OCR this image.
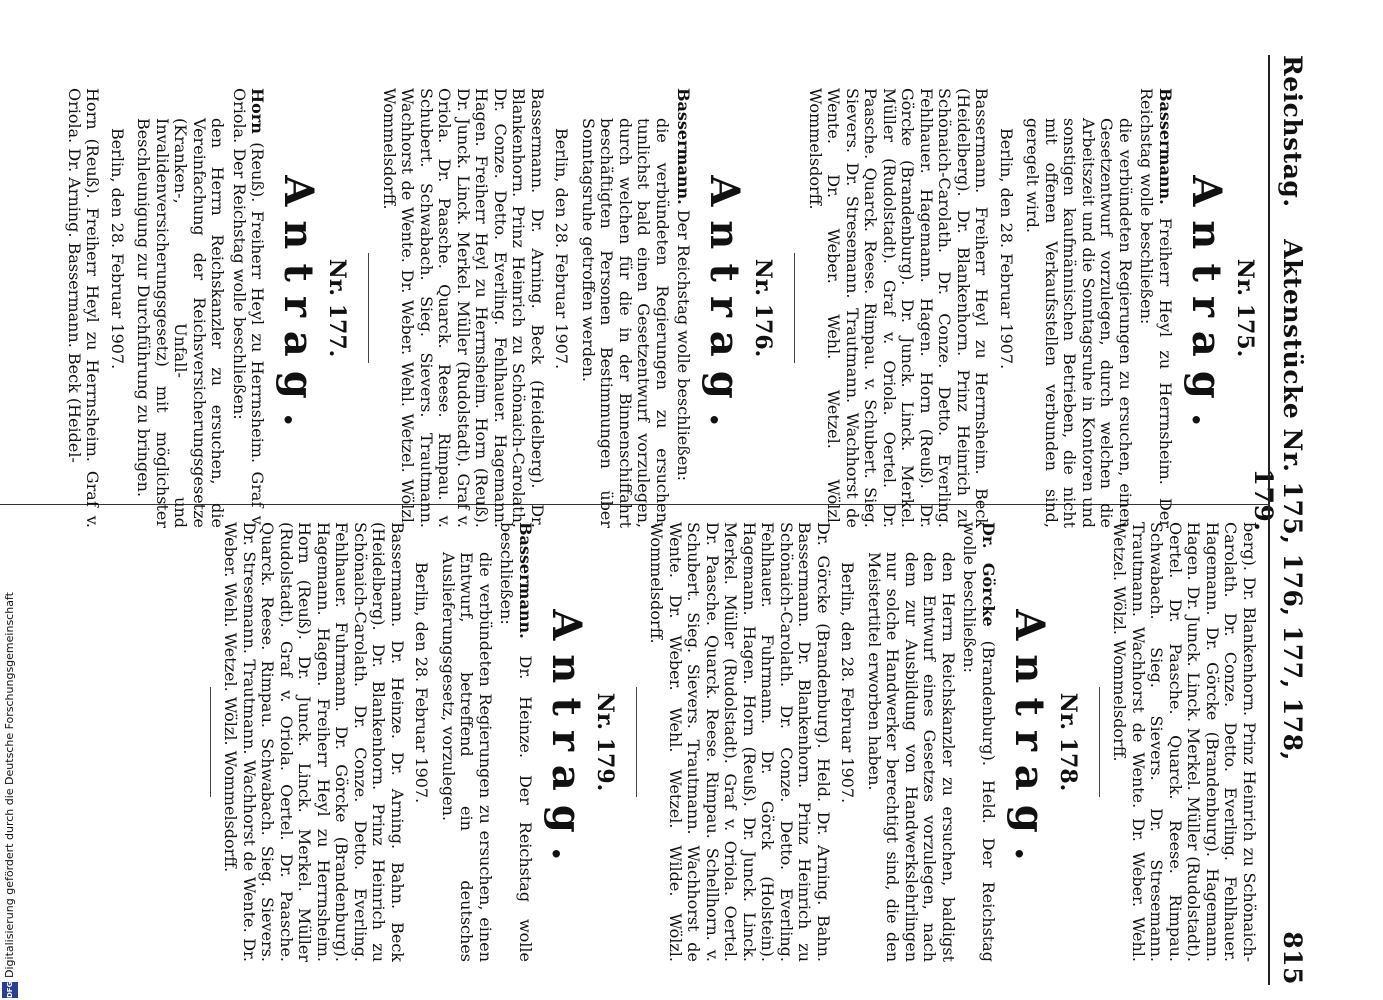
Reichstag.
Aktenstücke Nr. 175, 176, 177, 178, 179.
815

Nr. 175.

Antrag.

Bassermann. Freiherr Heyl zu Herrnsheim. Der Reichstag wolle beschließen:

die verbündeten Regierungen zu ersuchen, einen Gesetzentwurf vorzulegen, durch welchen die Arbeitszeit und die Sonntagsruhe in Kontoren und sonstigen kaufmännischen Betrieben, die nicht mit offenen Verkaufsstellen verbunden sind, geregelt wird.

Berlin, den 28. Februar 1907.

Bassermann. Freiherr Heyl zu Herrnsheim. Beck (Heidelberg). Dr. Blankenhorn. Prinz Heinrich zu Schönaich-Carolath. Dr. Conze. Detto. Everling. Fehlhauer. Hagemann. Hagen. Horn (Reuß). Dr. Görcke (Brandenburg). Dr. Junck. Linck. Merkel. Müller (Rudolstadt). Graf v. Oriola. Oertel. Dr. Paasche. Quarck. Reese. Rimpau. v. Schubert. Sieg. Sievers. Dr. Stresemann. Trautmann. Wachhorst de Wente. Dr. Weber. Wehl. Wetzel. Wölzl. Wommelsdorff.

Nr. 176.

Antrag.

Bassermann. Der Reichstag wolle beschließen:

die verbündeten Regierungen zu ersuchen, tunlichst bald einen Gesetzentwurf vorzulegen, durch welchen für die in der Binnenschiffahrt beschäftigten Personen Bestimmungen über Sonntagsruhe getroffen werden.

Berlin, den 28. Februar 1907.

Bassermann. Dr. Arning. Beck (Heidelberg). Dr. Blankenhorn. Prinz Heinrich zu Schönaich-Carolath. Dr. Conze. Detto. Everling. Fehlhauer. Hagemann. Hagen. Freiherr Heyl zu Herrnsheim. Horn (Reuß). Dr. Junck. Linck. Merkel. Müller (Rudolstadt). Graf v. Oriola. Dr. Paasche. Quarck. Reese. Rimpau. v. Schubert. Schwabach. Sieg. Sievers. Trautmann. Wachhorst de Wente. Dr. Weber. Wehl. Wetzel. Wölzl. Wommelsdorff.

Nr. 177.

Antrag.

Horn (Reuß). Freiherr Heyl zu Herrnsheim. Graf v. Oriola. Der Reichstag wolle beschließen:

den Herrn Reichskanzler zu ersuchen, die Vereinfachung der Reichsversicherungsgesetze (Kranken-, Unfall- und Invalidenversicherungsgesetz) mit möglichster Beschleunigung zur Durchführung zu bringen.

Berlin, den 28. Februar 1907.

Horn (Reuß). Freiherr Heyl zu Herrnsheim. Graf v. Oriola. Dr. Arning. Bassermann. Beck (Heidel-

berg). Dr. Blankenhorn. Prinz Heinrich zu Schönaich-Carolath. Dr. Conze. Detto. Everling. Fehlhauer. Hagemann. Dr. Görcke (Brandenburg). Hagemann. Hagen. Dr. Junck. Linck. Merkel. Müller (Rudolstadt). Oertel. Dr. Paasche. Quarck. Reese. Rimpau. Schwabach. Sieg. Sievers. Dr. Stresemann. Trautmann. Wachhorst de Wente. Dr. Weber. Wehl. Wetzel. Wölzl. Wommelsdorff.

Nr. 178.

Antrag.

Dr. Görcke (Brandenburg). Held. Der Reichstag wolle beschließen:

den Herrn Reichskanzler zu ersuchen, baldigst den Entwurf eines Gesetzes vorzulegen, nach dem zur Ausbildung von Handwerkslehrlingen nur solche Handwerker berechtigt sind, die den Meistertitel erworben haben.

Berlin, den 28. Februar 1907.

Dr. Görcke (Brandenburg). Held. Dr. Arning. Bahn. Bassermann. Dr. Blankenhorn. Prinz Heinrich zu Schönaich-Carolath. Dr. Conze. Detto. Everling. Fehlhauer. Fuhrmann. Dr. Görck (Holstein). Hagemann. Hagen. Horn (Reuß). Dr. Junck. Linck. Merkel. Müller (Rudolstadt). Graf v. Oriola. Oertel. Dr. Paasche. Quarck. Reese. Rimpau. Schellhorn. v. Schubert. Sieg. Sievers. Trautmann. Wachhorst de Wente. Dr. Weber. Wehl. Wetzel. Wilde. Wölzl. Wommelsdorff.

Nr. 179.

Antrag.

Bassermann. Dr. Heinze. Der Reichstag wolle beschließen:

die verbündeten Regierungen zu ersuchen, einen Entwurf, betreffend ein deutsches Auslieferungsgesetz, vorzulegen.

Berlin, den 28. Februar 1907.

Bassermann. Dr. Heinze. Dr. Arning. Bahn. Beck (Heidelberg). Dr. Blankenhorn. Prinz Heinrich zu Schönaich-Carolath. Dr. Conze. Detto. Everling. Fehlhauer. Fuhrmann. Dr. Görcke (Brandenburg). Hagemann. Hagen. Freiherr Heyl zu Herrnsheim. Horn (Reuß). Dr. Junck. Linck. Merkel. Müller (Rudolstadt). Graf v. Oriola. Oertel. Dr. Paasche. Quarck. Reese. Rimpau. Schwabach. Sieg. Sievers. Dr. Stresemann. Trautmann. Wachhorst de Wente. Dr. Weber. Wehl. Wetzel. Wölzl. Wommelsdorff.

DFG
Digitalisierung gefördert durch die Deutsche Forschungsgemeinschaft
